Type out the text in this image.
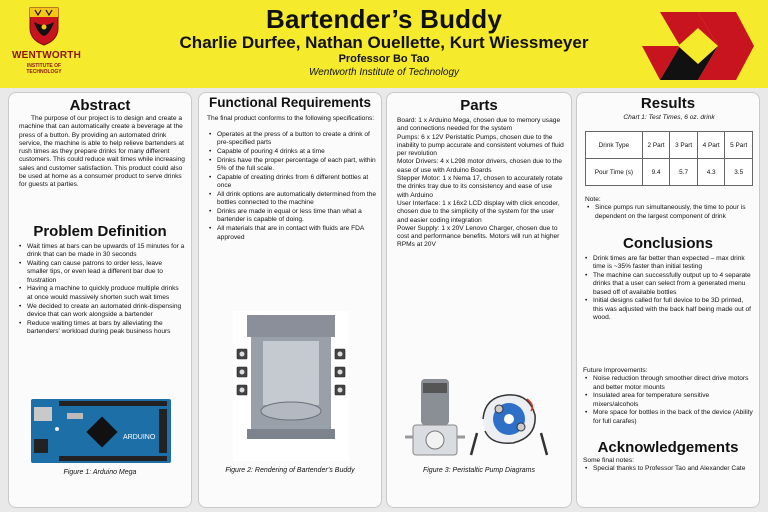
WENTWORTH
INSTITUTE OF TECHNOLOGY
Bartender’s Buddy
Charlie Durfee, Nathan Ouellette, Kurt Wiessmeyer
Professor Bo Tao
Wentworth Institute of Technology
Abstract
The purpose of our project is to design and create a machine that can automatically create a beverage at the press of a button. By providing an automated drink service, the machine is able to help relieve bartenders at rush times as they prepare drinks for many different customers. This could reduce wait times while increasing sales and customer satisfaction. This product could also be used at home as a consumer product to serve drinks for guests at parties.
Problem Definition
• Wait times at bars can be upwards of 15 minutes for a drink that can be made in 30 seconds
• Waiting can cause patrons to order less, leave smaller tips, or even lead a different bar due to frustration
• Having a machine to quickly produce multiple drinks at once would massively shorten such wait times
• We decided to create an automated drink-dispensing device that can work alongside a bartender
• Reduce waiting times at bars by alleviating the bartenders' workload during peak business hours
ARDUINO
Figure 1: Arduino Mega
Functional Requirements
The final product conforms to the following specifications:
• Operates at the press of a button to create a drink of pre-specified parts
• Capable of pouring 4 drinks at a time
• Drinks have the proper percentage of each part, within 5% of the full scale.
• Capable of creating drinks from 6 different bottles at once
• All drink options are automatically determined from the bottles connected to the machine
• Drinks are made in equal or less time than what a bartender is capable of doing.
• All materials that are in contact with fluids are FDA approved
Figure 2: Rendering of Bartender’s Buddy
Parts

Board: 1 x Arduino Mega, chosen due to memory usage and connections needed for the system

Pumps: 6 x 12V Peristaltic Pumps, chosen due to the inability to pump accurate and consistent volumes of fluid per revolution

Motor Drivers: 4 x L298 motor drivers, chosen due to the ease of use with Arduino Boards

Stepper Motor: 1 x Nema 17, chosen to accurately rotate the drinks tray due to its consistency and ease of use with Arduino

User Interface: 1 x 16x2 LCD display with click encoder, chosen due to the simplicity of the system for the user and easier coding integration

Power Supply: 1 x 20V Lenovo Charger, chosen due to cost and performance benefits. Motors will run at higher RPMs at 20V

Figure 3: Peristaltic Pump Diagrams
Results
Chart 1: Test Times, 6 oz. drink
Drink Type	2 Part	3 Part	4 Part	5 Part
Pour Time (s)	9.4	5.7	4.3	3.5
Note:
• Since pumps run simultaneously, the time to pour is dependent on the largest component of drink
Conclusions
• Drink times are far better than expected – max drink time is ~35% faster than initial testing
• The machine can successfully output up to 4 separate drinks that a user can select from a generated menu based off of available bottles
• Initial designs called for full device to be 3D printed, this was adjusted with the back half being made out of wood.
Future Improvements:
• Noise reduction through smoother direct drive motors and better motor mounts
• Insulated area for temperature sensitive mixers/alcohols
• More space for bottles in the back of the device (Ability for full carafes)
Acknowledgements
Some final notes:
• Special thanks to Professor Tao and Alexander Cate
